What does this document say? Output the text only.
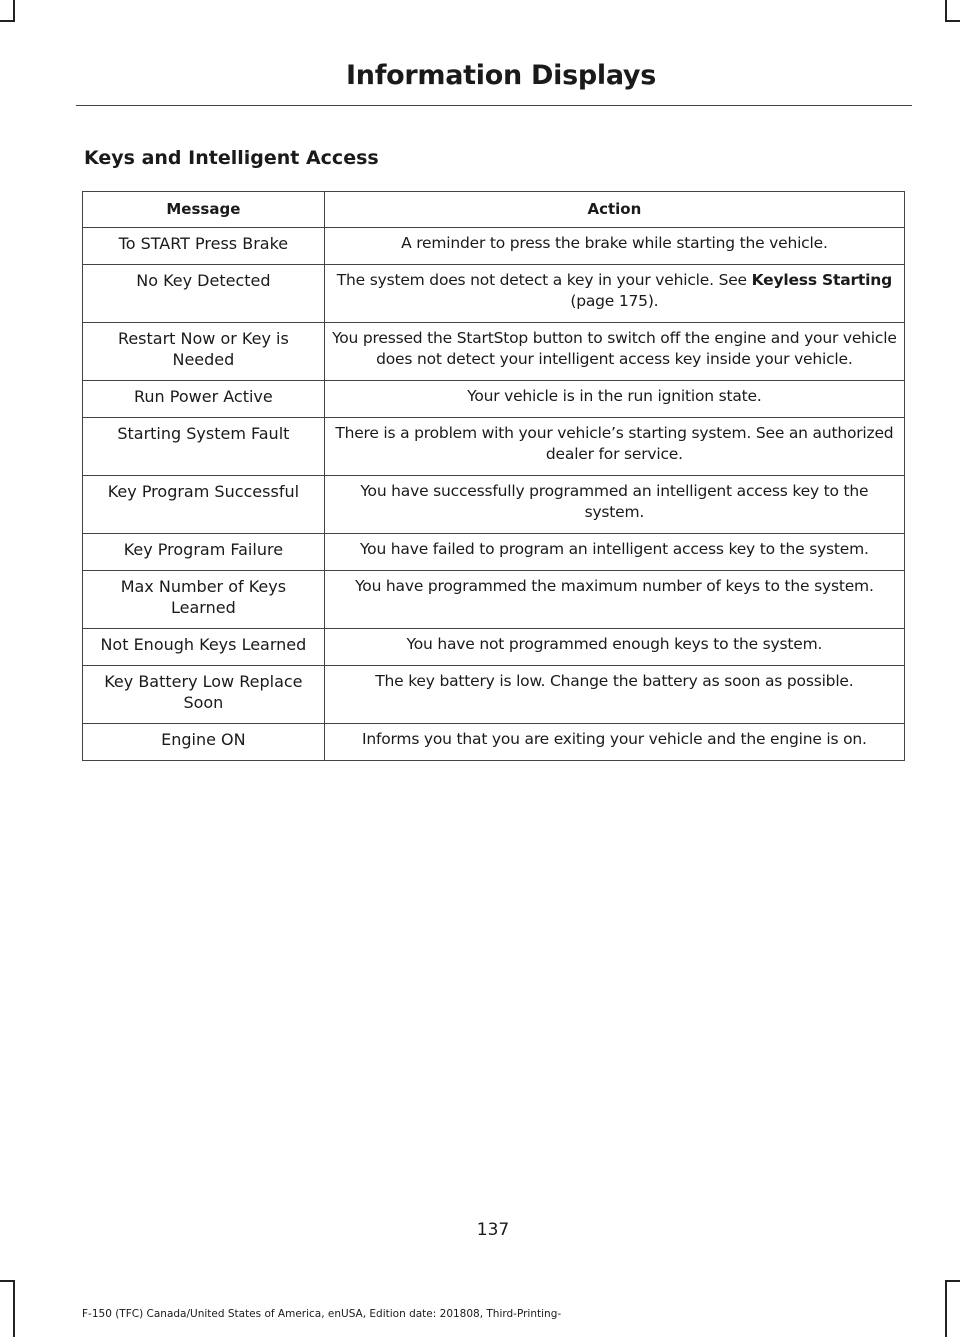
Information Displays
Keys and Intelligent Access
Message	Action
To START Press Brake	A reminder to press the brake while starting the vehicle.
No Key Detected	The system does not detect a key in your vehicle. See Keyless Starting (page 175).
Restart Now or Key is Needed	You pressed the StartStop button to switch off the engine and your vehicle does not detect your intelligent access key inside your vehicle.
Run Power Active	Your vehicle is in the run ignition state.
Starting System Fault	There is a problem with your vehicle’s starting system. See an authorized dealer for service.
Key Program Successful	You have successfully programmed an intelligent access key to the system.
Key Program Failure	You have failed to program an intelligent access key to the system.
Max Number of Keys Learned	You have programmed the maximum number of keys to the system.
Not Enough Keys Learned	You have not programmed enough keys to the system.
Key Battery Low Replace Soon	The key battery is low. Change the battery as soon as possible.
Engine ON	Informs you that you are exiting your vehicle and the engine is on.
137
F-150 (TFC) Canada/United States of America, enUSA, Edition date: 201808, Third-Printing-
